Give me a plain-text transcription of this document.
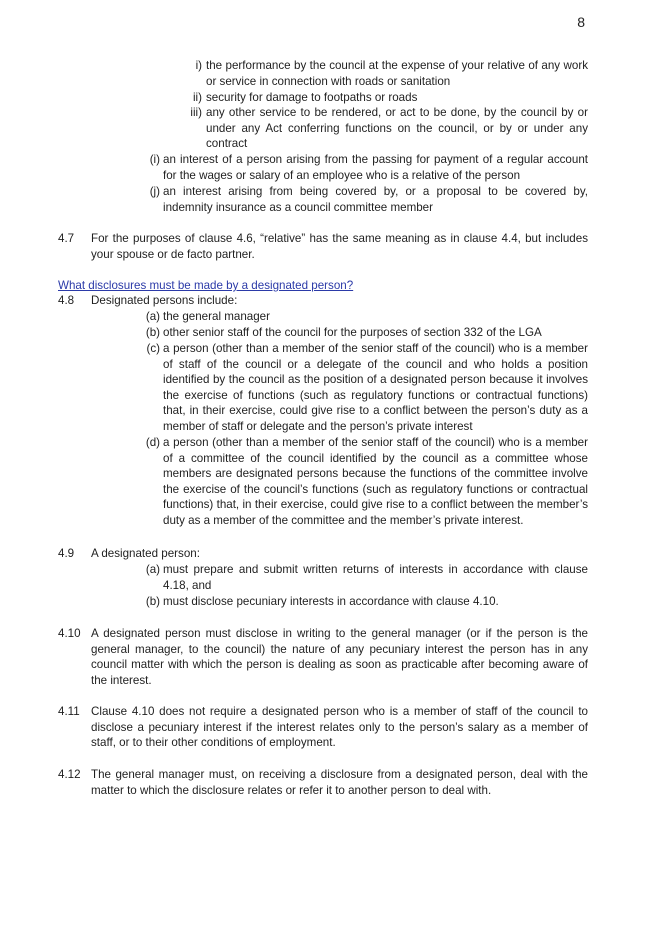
8
i) the performance by the council at the expense of your relative of any work or service in connection with roads or sanitation
ii) security for damage to footpaths or roads
iii) any other service to be rendered, or act to be done, by the council by or under any Act conferring functions on the council, or by or under any contract
(i) an interest of a person arising from the passing for payment of a regular account for the wages or salary of an employee who is a relative of the person
(j) an interest arising from being covered by, or a proposal to be covered by, indemnity insurance as a council committee member
4.7 For the purposes of clause 4.6, “relative” has the same meaning as in clause 4.4, but includes your spouse or de facto partner.
What disclosures must be made by a designated person?
4.8 Designated persons include:
(a) the general manager
(b) other senior staff of the council for the purposes of section 332 of the LGA
(c) a person (other than a member of the senior staff of the council) who is a member of staff of the council or a delegate of the council and who holds a position identified by the council as the position of a designated person because it involves the exercise of functions (such as regulatory functions or contractual functions) that, in their exercise, could give rise to a conflict between the person’s duty as a member of staff or delegate and the person’s private interest
(d) a person (other than a member of the senior staff of the council) who is a member of a committee of the council identified by the council as a committee whose members are designated persons because the functions of the committee involve the exercise of the council’s functions (such as regulatory functions or contractual functions) that, in their exercise, could give rise to a conflict between the member’s duty as a member of the committee and the member’s private interest.
4.9 A designated person:
(a) must prepare and submit written returns of interests in accordance with clause 4.18, and
(b) must disclose pecuniary interests in accordance with clause 4.10.
4.10 A designated person must disclose in writing to the general manager (or if the person is the general manager, to the council) the nature of any pecuniary interest the person has in any council matter with which the person is dealing as soon as practicable after becoming aware of the interest.
4.11 Clause 4.10 does not require a designated person who is a member of staff of the council to disclose a pecuniary interest if the interest relates only to the person’s salary as a member of staff, or to their other conditions of employment.
4.12 The general manager must, on receiving a disclosure from a designated person, deal with the matter to which the disclosure relates or refer it to another person to deal with.
